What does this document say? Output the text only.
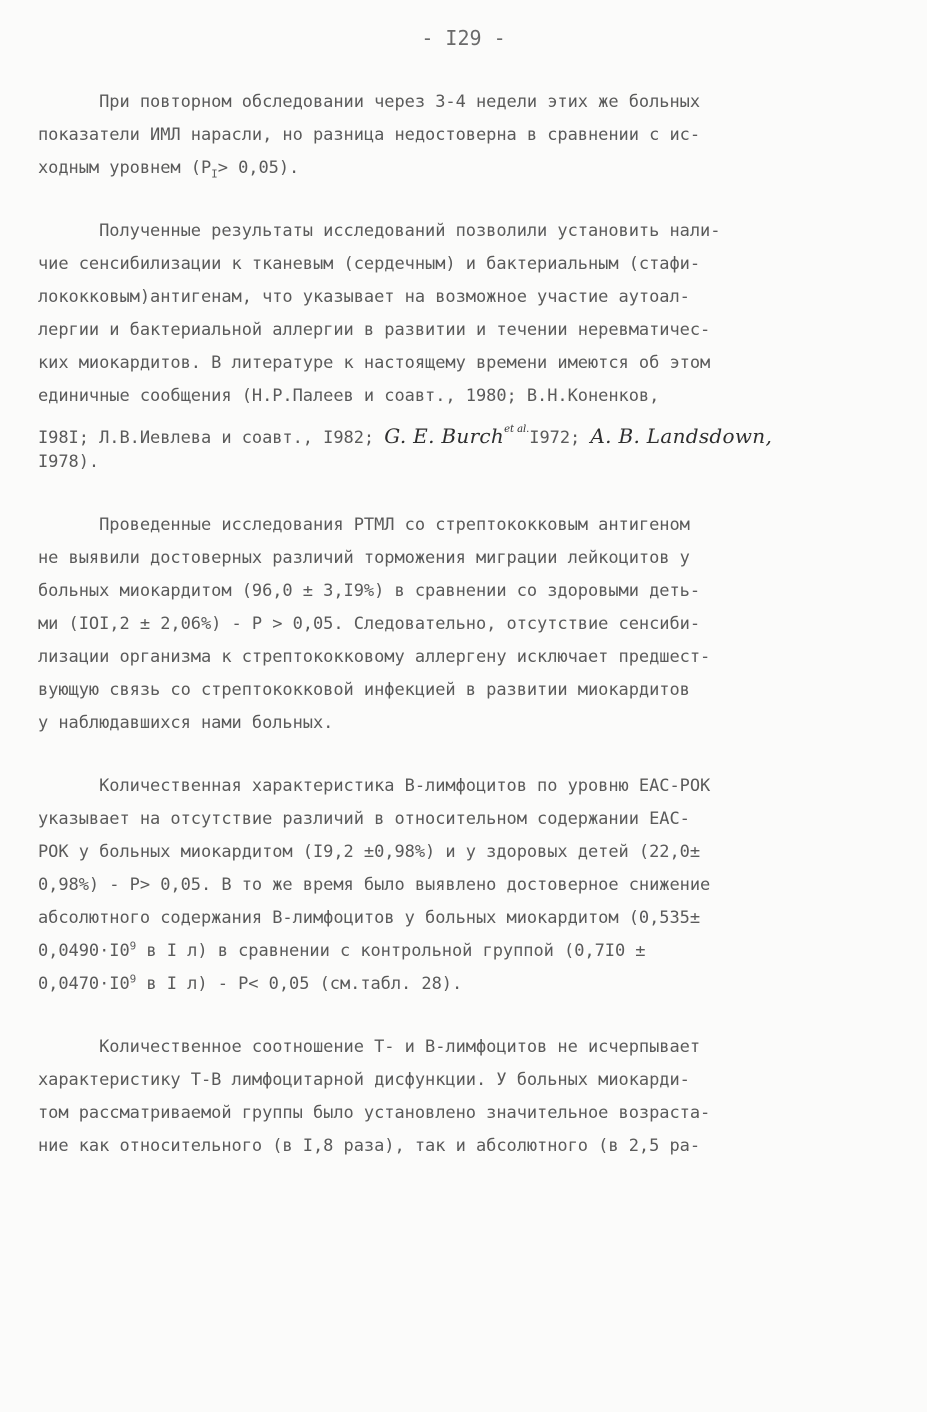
- I29 -
При повторном обследовании через 3-4 недели этих же больных
показатели ИМЛ нарасли, но разница недостоверна в сравнении с ис-
ходным уровнем $(Р_I> 0,05)$.
Полученные результаты исследований позволили установить нали-
чие сенсибилизации к тканевым (сердечным) и бактериальным (стафи-
лококковым)антигенам, что указывает на возможное участие аутоал-
лергии и бактериальной аллергии в развитии и течении неревматичес-
ких миокардитов. В литературе к настоящему времени имеются об этом
единичные сообщения (Н.Р.Палеев и соавт., 1980; В.Н.Коненков,
I98I; Л.В.Иевлева и соавт., I982; G. E. Burch$^{et al.}$I972; A. B. Landsdown,
I978).
Проведенные исследования РТМЛ со стрептококковым антигеном
не выявили достоверных различий торможения миграции лейкоцитов у
больных миокардитом (96,0 ± 3,I9%) в сравнении со здоровыми деть-
ми (IOI,2 ± 2,06%) - Р > 0,05. Следовательно, отсутствие сенсиби-
лизации организма к стрептококковому аллергену исключает предшест-
вующую связь со стрептококковой инфекцией в развитии миокардитов
у наблюдавшихся нами больных.
Количественная характеристика В-лимфоцитов по уровню ЕАС-РОК
указывает на отсутствие различий в относительном содержании ЕАС-
РОК у больных миокардитом (I9,2 ±0,98%) и у здоровых детей (22,0±
0,98%) - Р> 0,05. В то же время было выявлено достоверное снижение
абсолютного содержания В-лимфоцитов у больных миокардитом (0,535±
$0,0490\cdot I0^9$ в I л) в сравнении с контрольной группой (0,7I0 ±
$0,0470\cdot I0^9$ в I л) - Р< 0,05 (см.табл. 28).
Количественное соотношение Т- и В-лимфоцитов не исчерпывает
характеристику Т-В лимфоцитарной дисфункции. У больных миокарди-
том рассматриваемой группы было установлено значительное возраста-
ние как относительного (в I,8 раза), так и абсолютного (в 2,5 ра-
